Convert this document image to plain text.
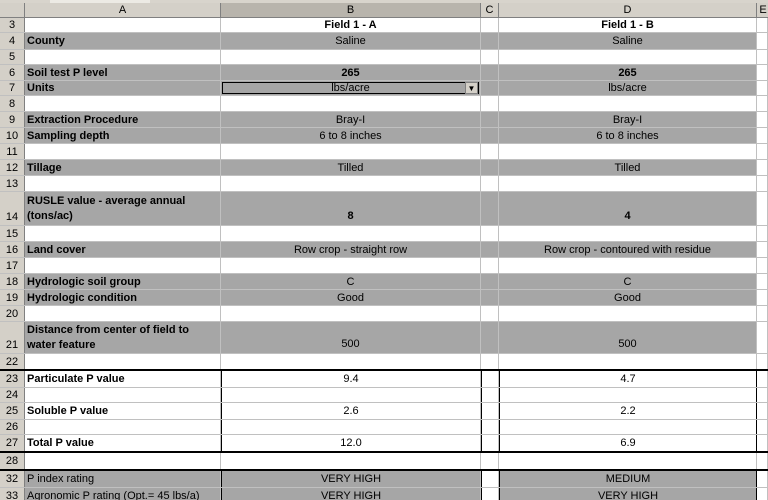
A	B	C	D	E
3	Field 1 - A	Field 1 - B
4	County	Saline	Saline
5
6	Soil test P level	265	265
7	Units	lbs/acre	▼	lbs/acre
8
9	Extraction Procedure	Bray-I	Bray-I
10 Sampling depth	6 to 8 inches	6 to 8 inches
11
12 Tillage	Tilled	Tilled
13
14
RUSLE value - average annual (tons/ac)	8	4
15
16 Land cover	Row crop - straight row	Row crop - contoured with residue
17
18 Hydrologic soil group	C	C
19 Hydrologic condition	Good	Good
20
21
Distance from center of field to water feature	500	500
22
23 Particulate P value	9.4	4.7
24
25 Soluble P value	2.6	2.2
26
27 Total P value	12.0	6.9
28
32 P index rating	VERY HIGH	MEDIUM
33 Agronomic P rating (Opt.= 45 lbs/a)	VERY HIGH	VERY HIGH
